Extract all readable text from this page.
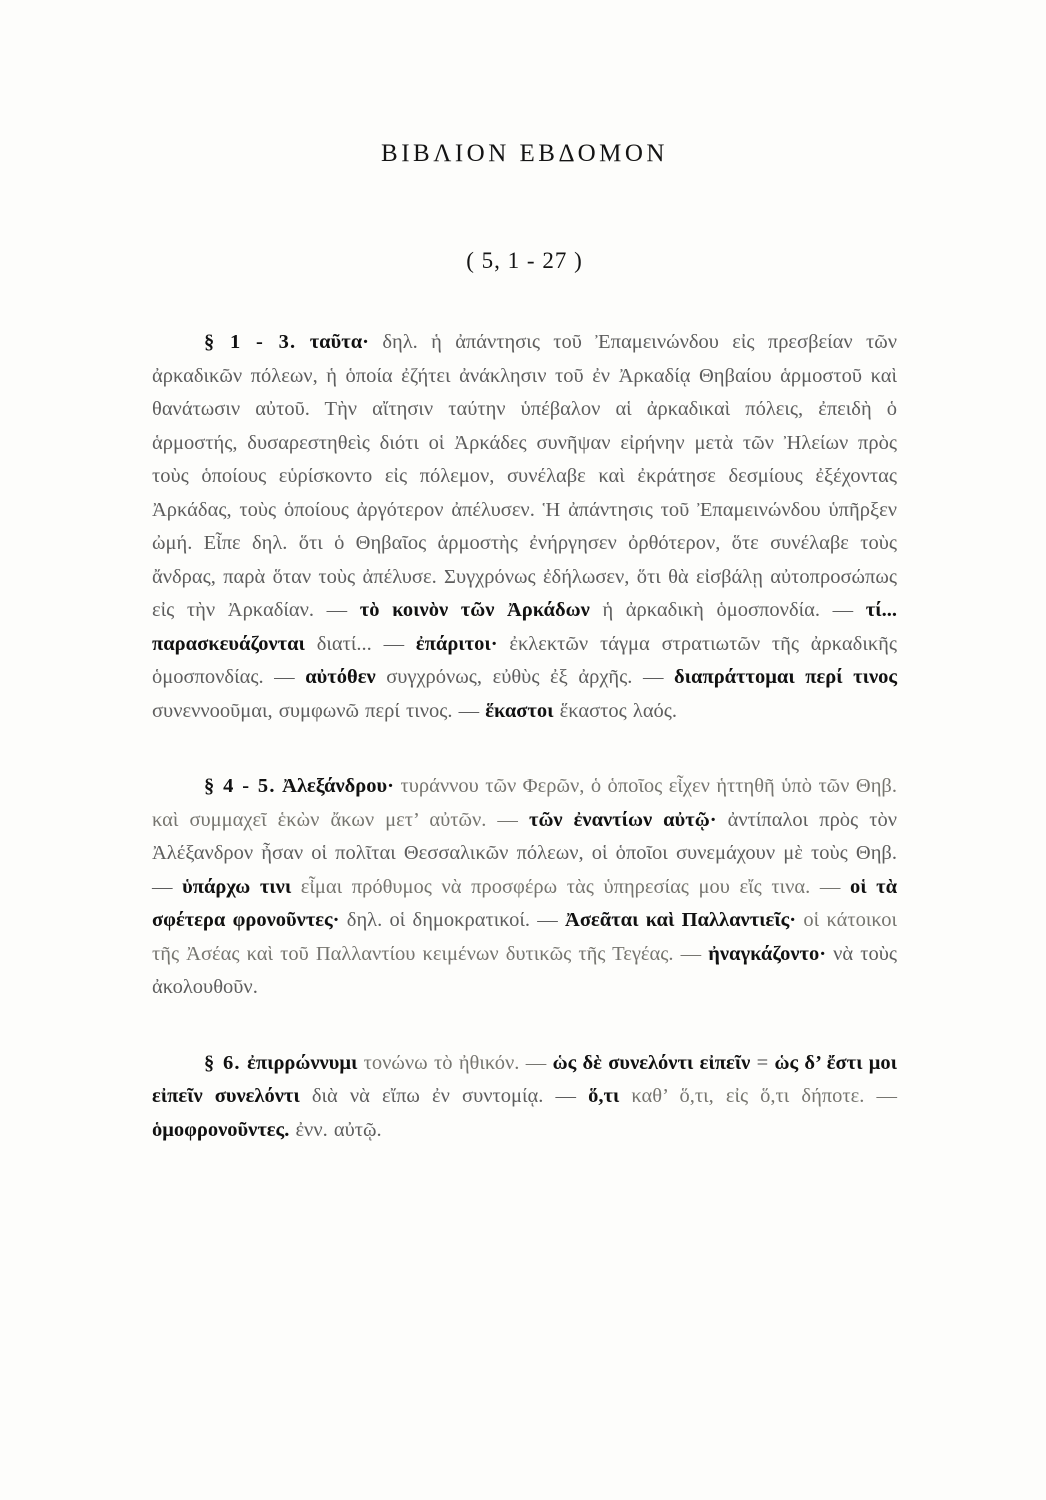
ΒΙΒΛΙΟΝ ΕΒΔΟΜΟΝ
( 5, 1 - 27 )

§ 1 - 3. ταῦτα· δηλ. ἡ ἀπάντησις τοῦ Ἐπαμεινώνδου εἰς πρεσβείαν τῶν ἀρκαδικῶν πόλεων, ἡ ὁποία ἐζήτει ἀνάκλησιν τοῦ ἐν Ἀρκαδίᾳ Θηβαίου ἁρμοστοῦ καὶ θανάτωσιν αὐτοῦ. Τὴν αἴτησιν ταύτην ὑπέβαλον αἱ ἀρκαδικαὶ πόλεις, ἐπειδὴ ὁ ἁρμοστής, δυσαρεστηθεὶς διότι οἱ Ἀρκάδες συνῆψαν εἰρήνην μετὰ τῶν Ἠλείων πρὸς τοὺς ὁποίους εὑρίσκοντο εἰς πόλεμον, συνέλαβε καὶ ἐκράτησε δεσμίους ἐξέχοντας Ἀρκάδας, τοὺς ὁποίους ἀργότερον ἀπέλυσεν. Ἡ ἀπάντησις τοῦ Ἐπαμεινώνδου ὑπῆρξεν ὠμή. Εἶπε δηλ. ὅτι ὁ Θηβαῖος ἁρμοστὴς ἐνήργησεν ὀρθότερον, ὅτε συνέλαβε τοὺς ἄνδρας, παρὰ ὅταν τοὺς ἀπέλυσε. Συγχρόνως ἐδήλωσεν, ὅτι θὰ εἰσβάλῃ αὐτοπροσώπως εἰς τὴν Ἀρκαδίαν. — τὸ κοινὸν τῶν Ἀρκάδων ἡ ἀρκαδικὴ ὁμοσπονδία. — τί... παρασκευάζονται διατί... — ἐπάριτοι· ἐκλεκτῶν τάγμα στρατιωτῶν τῆς ἀρκαδικῆς ὁμοσπονδίας. — αὐτόθεν συγχρόνως, εὐθὺς ἐξ ἀρχῆς. — διαπράττομαι περί τινος συνεννοοῦμαι, συμφωνῶ περί τινος. — ἕκαστοι ἕκαστος λαός.

§ 4 - 5. Ἀλεξάνδρου· τυράννου τῶν Φερῶν, ὁ ὁποῖος εἶχεν ἡττηθῆ ὑπὸ τῶν Θηβ. καὶ συμμαχεῖ ἑκὼν ἄκων μετ’ αὐτῶν. — τῶν ἐναντίων αὐτῷ· ἀντίπαλοι πρὸς τὸν Ἀλέξανδρον ἦσαν οἱ πολῖται Θεσσαλικῶν πόλεων, οἱ ὁποῖοι συνεμάχουν μὲ τοὺς Θηβ. — ὑπάρχω τινι εἶμαι πρόθυμος νὰ προσφέρω τὰς ὑπηρεσίας μου εἴς τινα. — οἱ τὰ σφέτερα φρονοῦντες· δηλ. οἱ δημοκρατικοί. — Ἀσεᾶται καὶ Παλλαντιεῖς· οἱ κάτοικοι τῆς Ἀσέας καὶ τοῦ Παλλαντίου κειμένων δυτικῶς τῆς Τεγέας. — ἠναγκάζοντο· νὰ τοὺς ἀκολουθοῦν.

§ 6. ἐπιρρώννυμι τονώνω τὸ ἠθικόν. — ὡς δὲ συνελόντι εἰπεῖν = ὡς δ’ ἔστι μοι εἰπεῖν συνελόντι διὰ νὰ εἴπω ἐν συντομίᾳ. — ὅ,τι καθ’ ὅ,τι, εἰς ὅ,τι δήποτε. — ὁμοφρονοῦντες. ἐνν. αὐτῷ.
